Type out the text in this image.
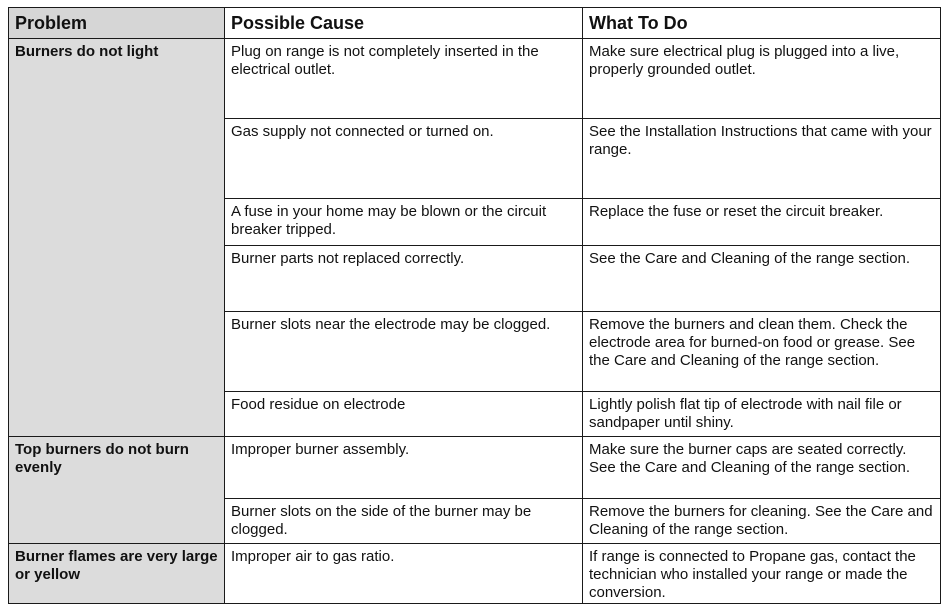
Problem	Possible Cause	What To Do
Burners do not light	Plug on range is not completely inserted in the electrical outlet.	Make sure electrical plug is plugged into a live, properly grounded outlet.
	Gas supply not connected or turned on.	See the Installation Instructions that came with your range.
	A fuse in your home may be blown or the circuit breaker tripped.	Replace the fuse or reset the circuit breaker.
	Burner parts not replaced correctly.	See the Care and Cleaning of the range section.
	Burner slots near the electrode may be clogged.	Remove the burners and clean them. Check the electrode area for burned-on food or grease. See the Care and Cleaning of the range section.
	Food residue on electrode	Lightly polish flat tip of electrode with nail file or sandpaper until shiny.
Top burners do not burn evenly	Improper burner assembly.	Make sure the burner caps are seated correctly. See the Care and Cleaning of the range section.
	Burner slots on the side of the burner may be clogged.	Remove the burners for cleaning. See the Care and Cleaning of the range section.
Burner flames are very large or yellow	Improper air to gas ratio.	If range is connected to Propane gas, contact the technician who installed your range or made the conversion.
